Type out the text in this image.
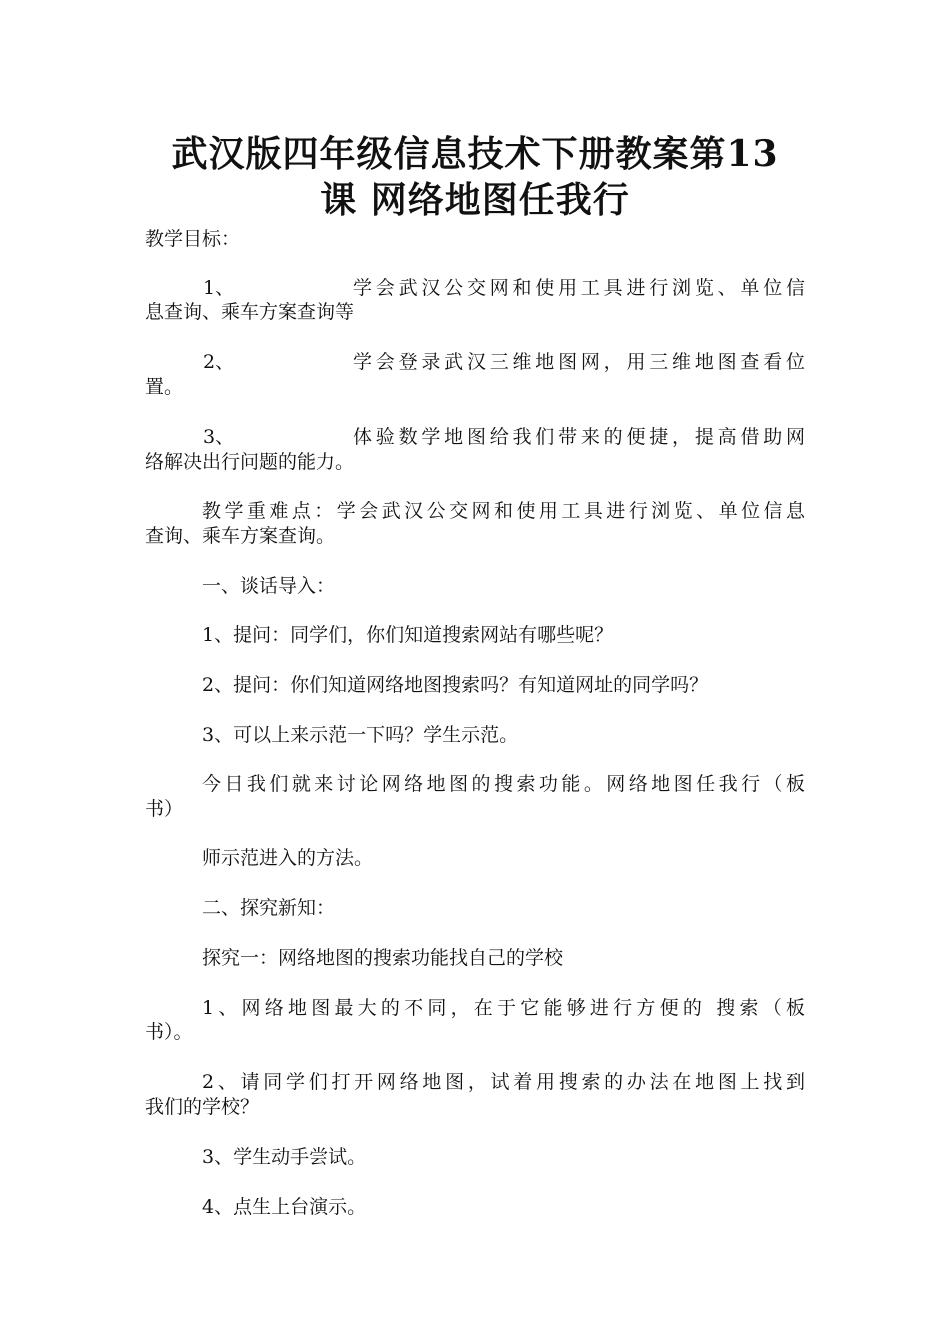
武汉版四年级信息技术下册教案第13
课 网络地图任我行
教学目标：
1、	学会武汉公交网和使用工具进行浏览、单位信
息查询、乘车方案查询等
2、	学会登录武汉三维地图网，用三维地图查看位
置。
3、	体验数学地图给我们带来的便捷，提高借助网
络解决出行问题的能力。
教学重难点：学会武汉公交网和使用工具进行浏览、单位信息
查询、乘车方案查询。
一、谈话导入：
1、提问：同学们，你们知道搜索网站有哪些呢？
2、提问：你们知道网络地图搜索吗？有知道网址的同学吗？
3、可以上来示范一下吗？学生示范。
今日我们就来讨论网络地图的搜索功能。网络地图任我行（板
书）
师示范进入的方法。
二、探究新知：
探究一：网络地图的搜索功能找自己的学校
1、网络地图最大的不同，在于它能够进行方便的 搜索（板
书）。
2、请同学们打开网络地图，试着用搜索的办法在地图上找到
我们的学校？
3、学生动手尝试。
4、点生上台演示。
